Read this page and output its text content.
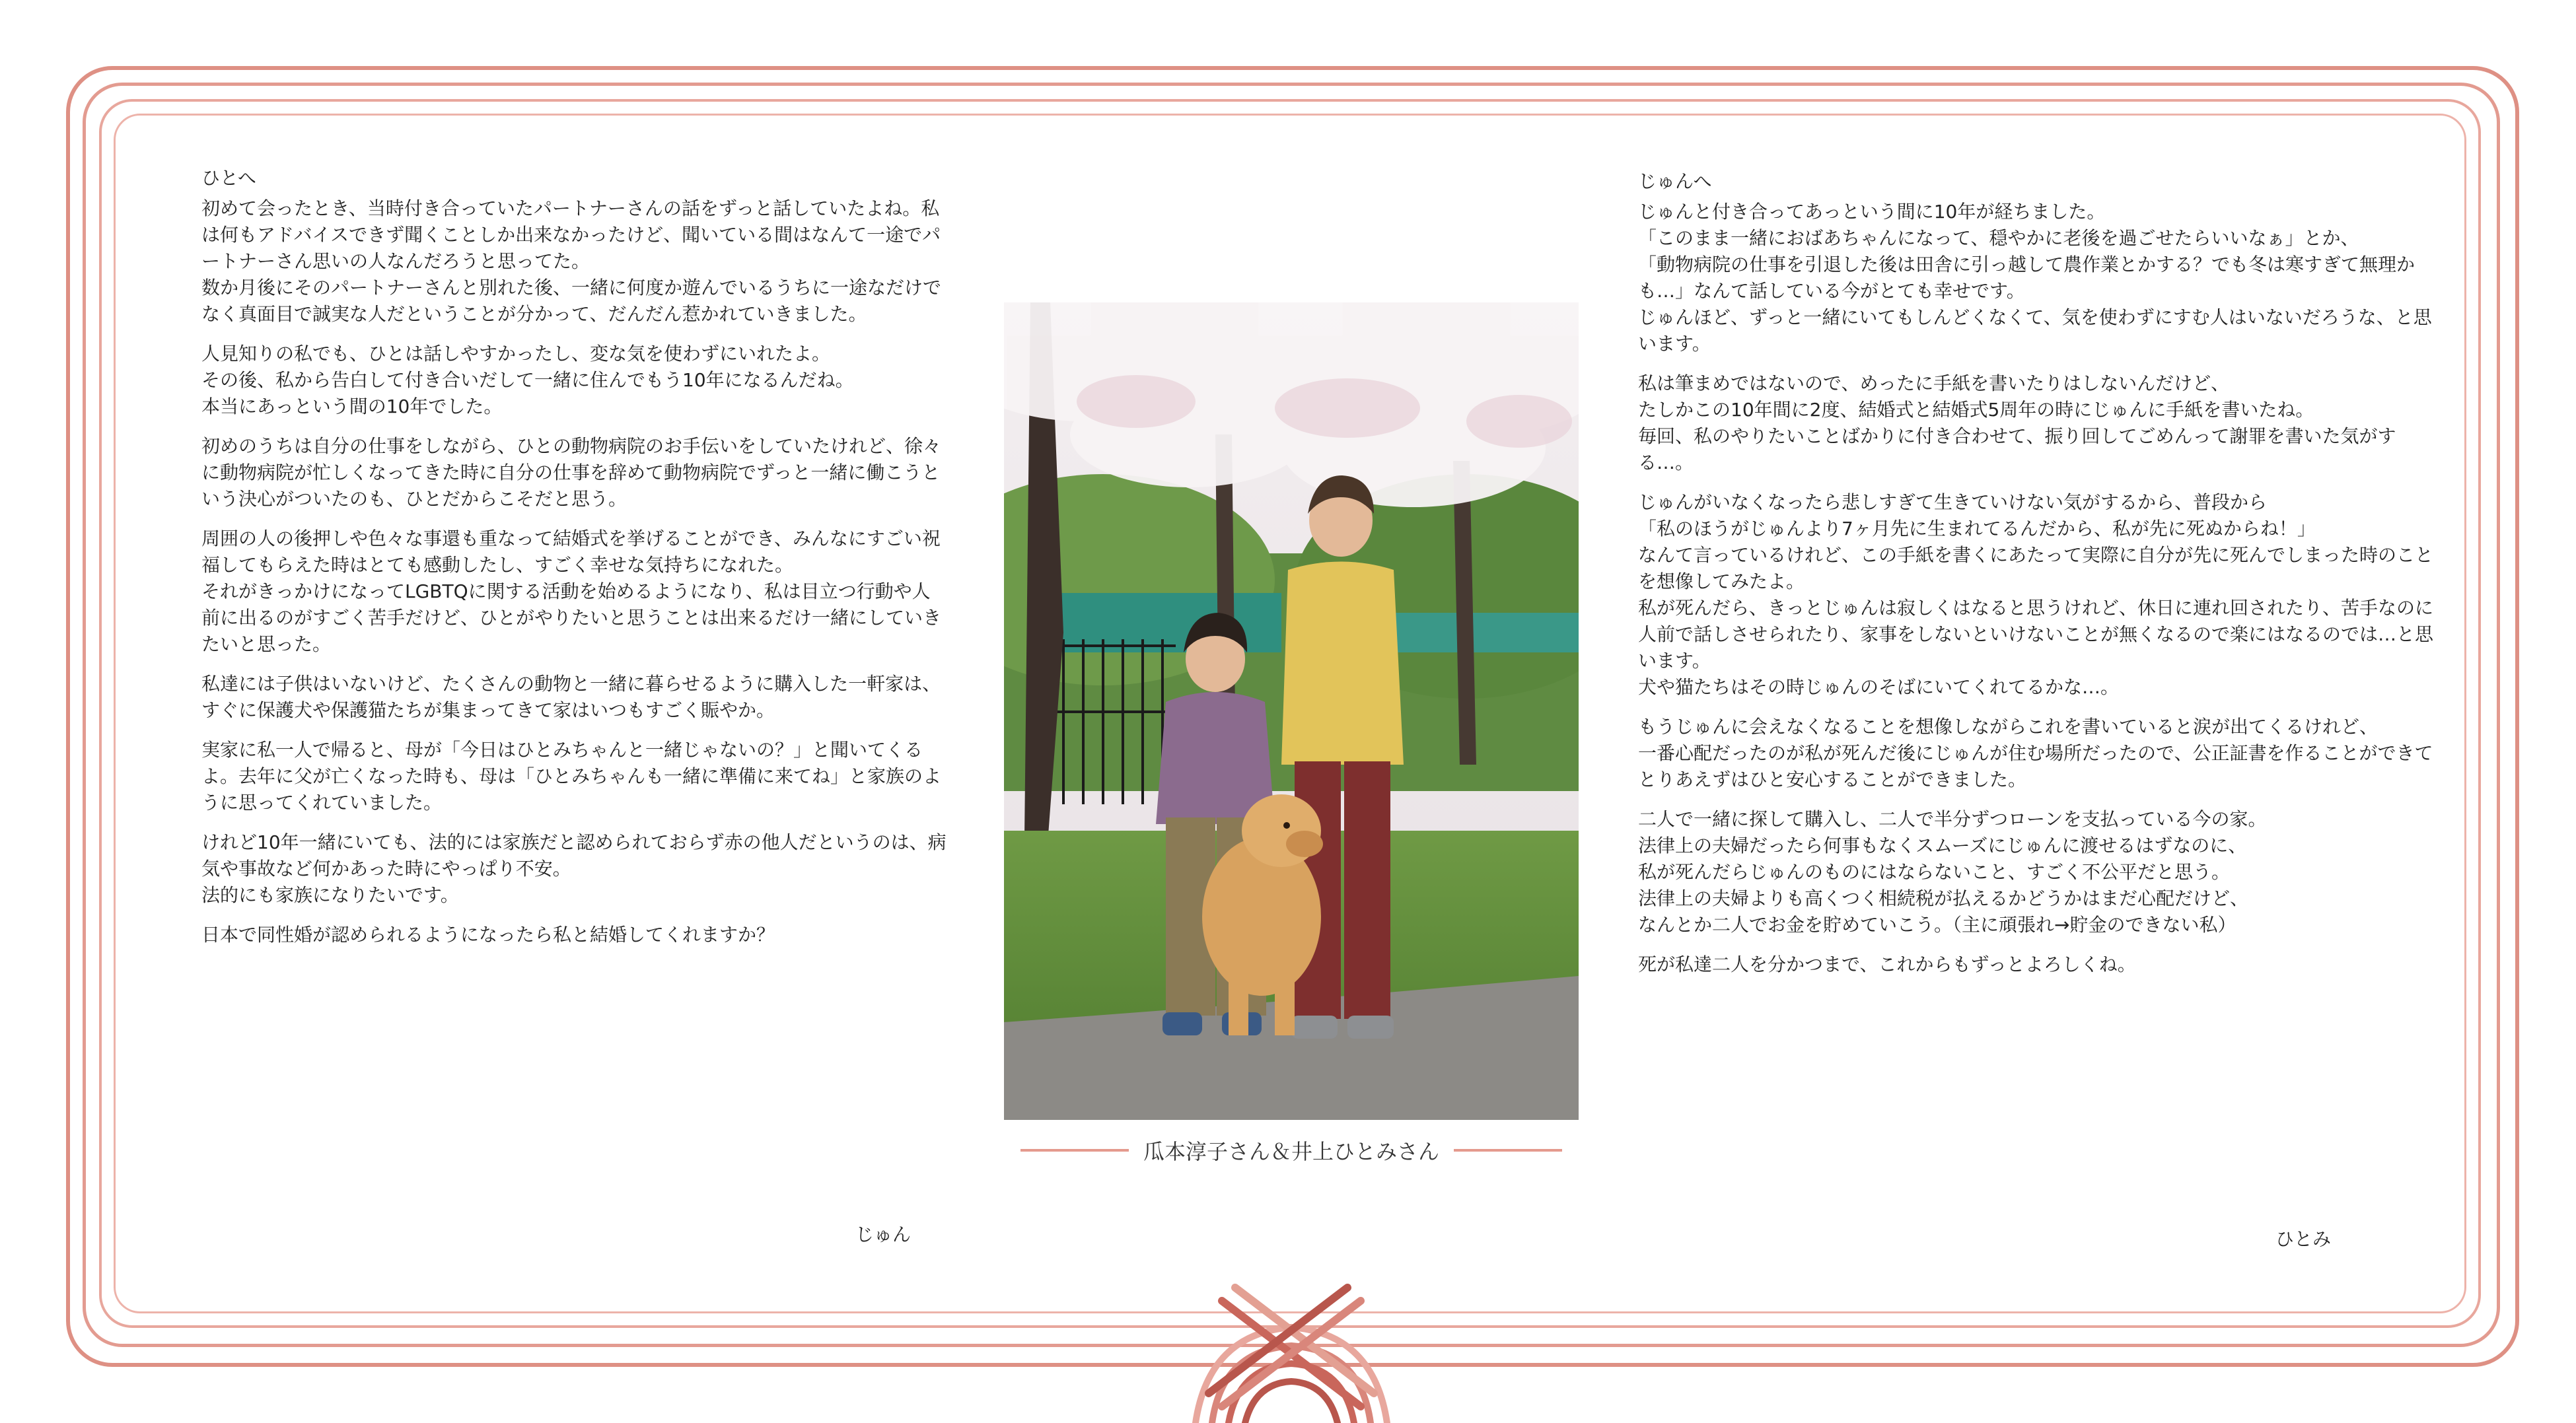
ひとへ

初めて会ったとき、当時付き合っていたパートナーさんの話をずっと話していたよね。私は何もアドバイスできず聞くことしか出来なかったけど、聞いている間はなんて一途でパートナーさん思いの人なんだろうと思ってた。
数か月後にそのパートナーさんと別れた後、一緒に何度か遊んでいるうちに一途なだけでなく真面目で誠実な人だということが分かって、だんだん惹かれていきました。

人見知りの私でも、ひとは話しやすかったし、変な気を使わずにいれたよ。
その後、私から告白して付き合いだして一緒に住んでもう10年になるんだね。
本当にあっという間の10年でした。

初めのうちは自分の仕事をしながら、ひとの動物病院のお手伝いをしていたけれど、徐々に動物病院が忙しくなってきた時に自分の仕事を辞めて動物病院でずっと一緒に働こうという決心がついたのも、ひとだからこそだと思う。

周囲の人の後押しや色々な事還も重なって結婚式を挙げることができ、みんなにすごい祝福してもらえた時はとても感動したし、すごく幸せな気持ちになれた。
それがきっかけになってLGBTQに関する活動を始めるようになり、私は目立つ行動や人前に出るのがすごく苦手だけど、ひとがやりたいと思うことは出来るだけ一緒にしていきたいと思った。

私達には子供はいないけど、たくさんの動物と一緒に暮らせるように購入した一軒家は、すぐに保護犬や保護猫たちが集まってきて家はいつもすごく賑やか。

実家に私一人で帰ると、母が「今日はひとみちゃんと一緒じゃないの？」と聞いてくるよ。去年に父が亡くなった時も、母は「ひとみちゃんも一緒に準備に来てね」と家族のように思ってくれていました。

けれど10年一緒にいても、法的には家族だと認められておらず赤の他人だというのは、病気や事故など何かあった時にやっぱり不安。
法的にも家族になりたいです。

日本で同性婚が認められるようになったら私と結婚してくれますか？
じゅん
瓜本淳子さん＆井上ひとみさん
じゅんへ

じゅんと付き合ってあっという間に10年が経ちました。
「このまま一緒におばあちゃんになって、穏やかに老後を過ごせたらいいなぁ」とか、
「動物病院の仕事を引退した後は田舎に引っ越して農作業とかする？でも冬は寒すぎて無理かも…」なんて話している今がとても幸せです。
じゅんほど、ずっと一緒にいてもしんどくなくて、気を使わずにすむ人はいないだろうな、と思います。

私は筆まめではないので、めったに手紙を書いたりはしないんだけど、
たしかこの10年間に2度、結婚式と結婚式5周年の時にじゅんに手紙を書いたね。
毎回、私のやりたいことばかりに付き合わせて、振り回してごめんって謝罪を書いた気がする…。

じゅんがいなくなったら悲しすぎて生きていけない気がするから、普段から
「私のほうがじゅんより7ヶ月先に生まれてるんだから、私が先に死ぬからね！」
なんて言っているけれど、この手紙を書くにあたって実際に自分が先に死んでしまった時のことを想像してみたよ。
私が死んだら、きっとじゅんは寂しくはなると思うけれど、休日に連れ回されたり、苦手なのに人前で話しさせられたり、家事をしないといけないことが無くなるので楽にはなるのでは…と思います。
犬や猫たちはその時じゅんのそばにいてくれてるかな…。

もうじゅんに会えなくなることを想像しながらこれを書いていると涙が出てくるけれど、
一番心配だったのが私が死んだ後にじゅんが住む場所だったので、公正証書を作ることができてとりあえずはひと安心することができました。

二人で一緒に探して購入し、二人で半分ずつローンを支払っている今の家。
法律上の夫婦だったら何事もなくスムーズにじゅんに渡せるはずなのに、
私が死んだらじゅんのものにはならないこと、すごく不公平だと思う。
法律上の夫婦よりも高くつく相続税が払えるかどうかはまだ心配だけど、
なんとか二人でお金を貯めていこう。（主に頑張れ→貯金のできない私）

死が私達二人を分かつまで、これからもずっとよろしくね。
ひとみ
